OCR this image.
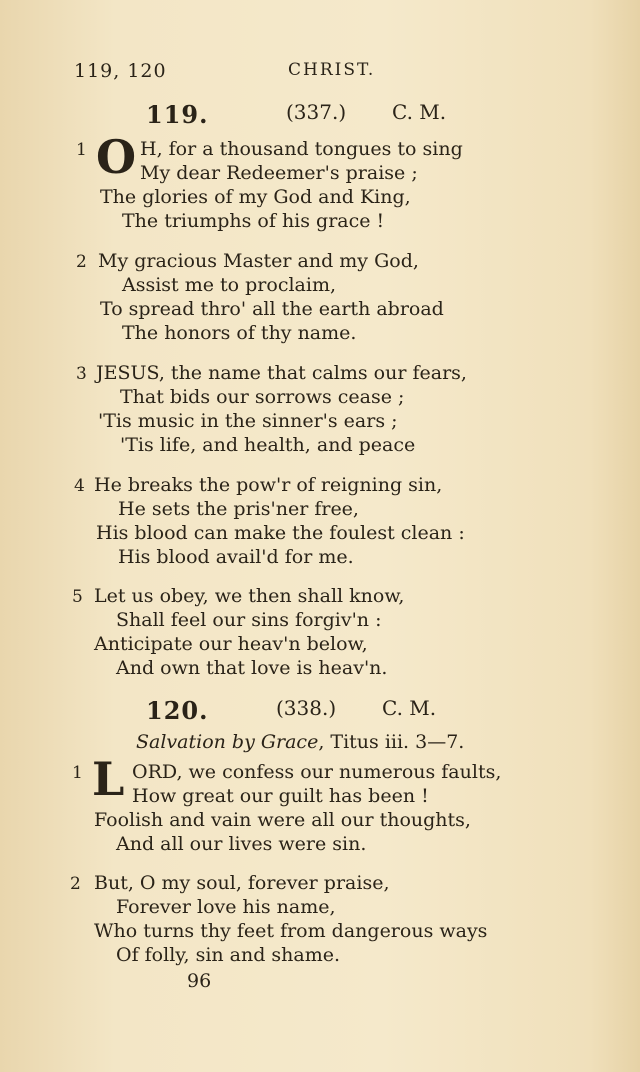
119, 120	CHRIST.
119.	(337.) C. M.
1 O H, for a thousand tongues to sing
My dear Redeemer's praise ;
The glories of my God and King,
The triumphs of his grace !
2 My gracious Master and my God,
Assist me to proclaim,
To spread thro' all the earth abroad
The honors of thy name.
3 JESUS, the name that calms our fears,
That bids our sorrows cease ;
'Tis music in the sinner's ears ;
'Tis life, and health, and peace
4 He breaks the pow'r of reigning sin,
He sets the pris'ner free,
His blood can make the foulest clean :
His blood avail'd for me.
5 Let us obey, we then shall know,
Shall feel our sins forgiv'n :
Anticipate our heav'n below,
And own that love is heav'n.
120.	(338.) C. M.
Salvation by Grace, Titus iii. 3—7.
1 L ORD, we confess our numerous faults,
How great our guilt has been !
Foolish and vain were all our thoughts,
And all our lives were sin.
2 But, O my soul, forever praise,
Forever love his name,
Who turns thy feet from dangerous ways
Of folly, sin and shame.
96
